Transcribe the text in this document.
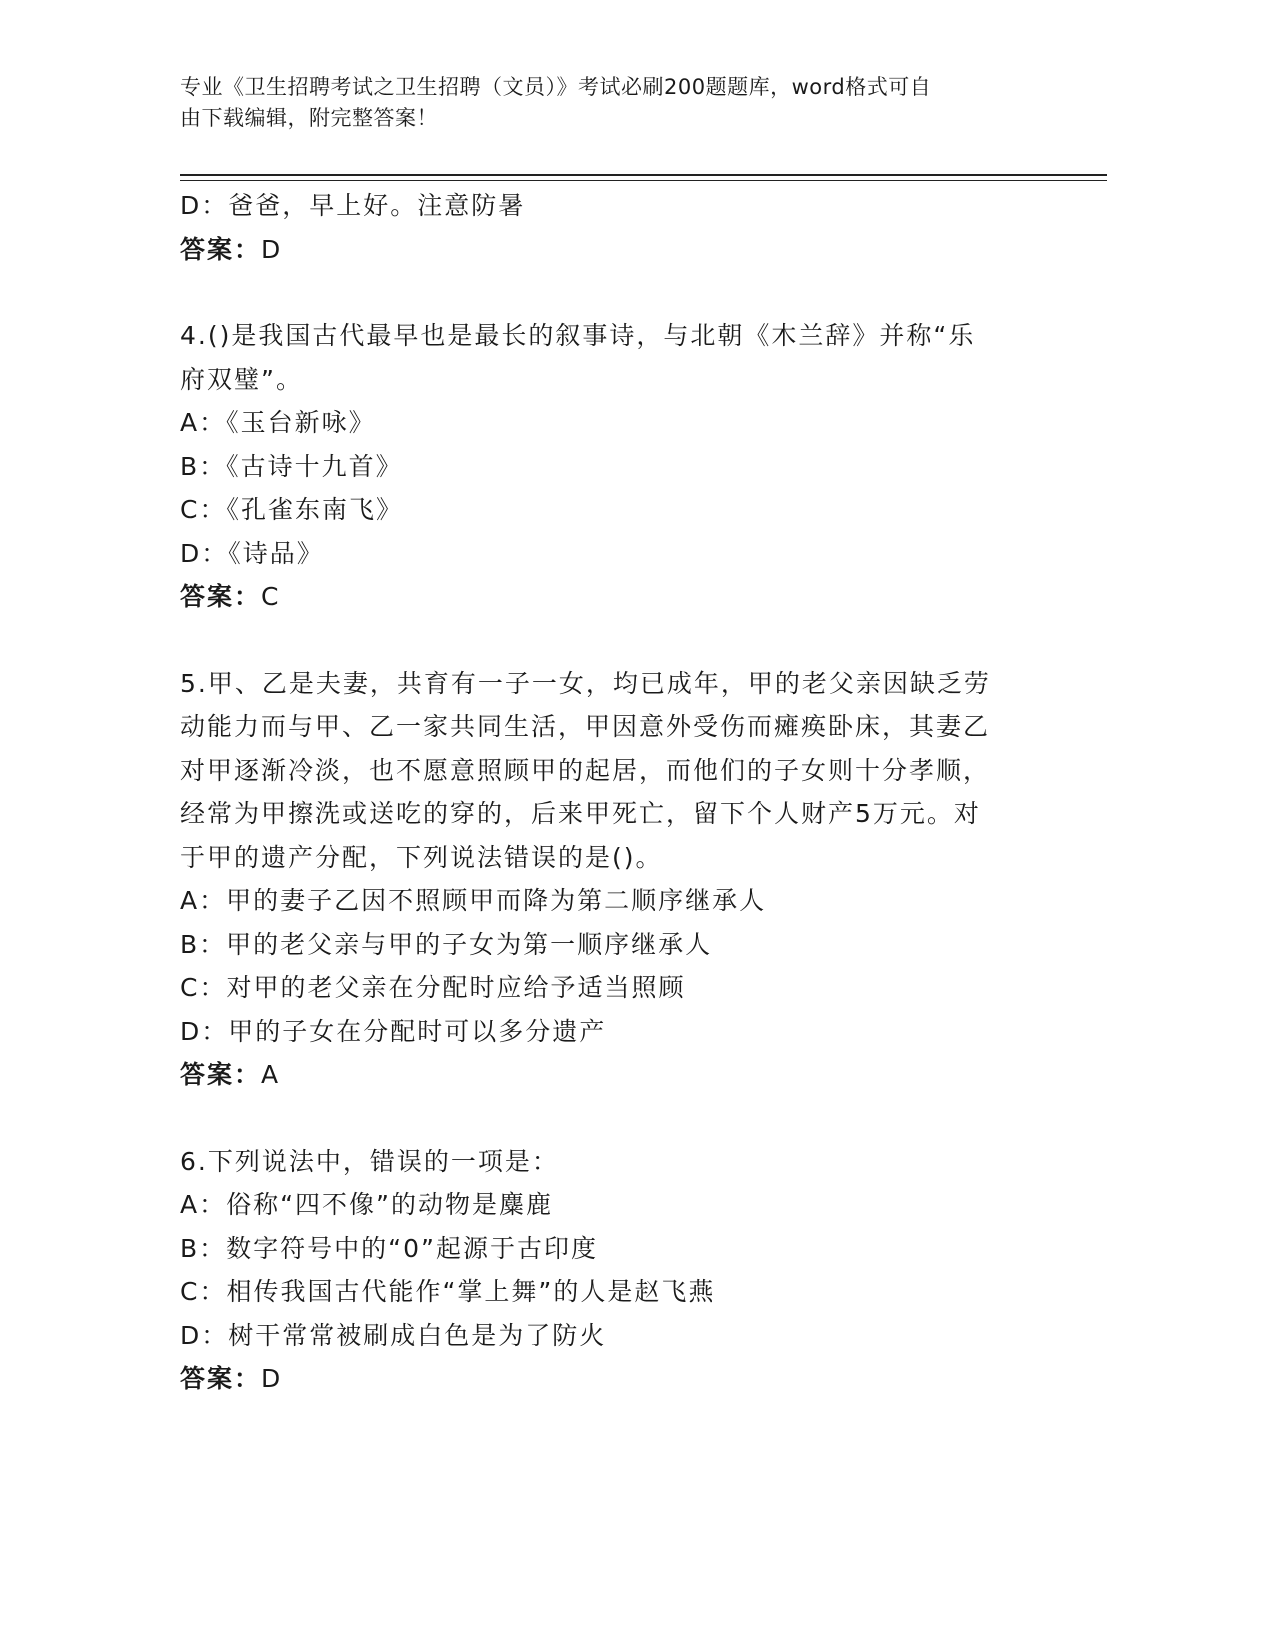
专业《卫生招聘考试之卫生招聘（文员）》考试必刷200题题库，word格式可自
由下载编辑，附完整答案！
D：爸爸，早上好。注意防暑
答案：D
4.()是我国古代最早也是最长的叙事诗，与北朝《木兰辞》并称“乐
府双璧”。
A：《玉台新咏》
B：《古诗十九首》
C：《孔雀东南飞》
D：《诗品》
答案：C
5.甲、乙是夫妻，共育有一子一女，均已成年，甲的老父亲因缺乏劳
动能力而与甲、乙一家共同生活，甲因意外受伤而瘫痪卧床，其妻乙
对甲逐渐冷淡，也不愿意照顾甲的起居，而他们的子女则十分孝顺，
经常为甲擦洗或送吃的穿的，后来甲死亡，留下个人财产5万元。对
于甲的遗产分配，下列说法错误的是()。
A：甲的妻子乙因不照顾甲而降为第二顺序继承人
B：甲的老父亲与甲的子女为第一顺序继承人
C：对甲的老父亲在分配时应给予适当照顾
D：甲的子女在分配时可以多分遗产
答案：A
6.下列说法中，错误的一项是：
A：俗称“四不像”的动物是麋鹿
B：数字符号中的“0”起源于古印度
C：相传我国古代能作“掌上舞”的人是赵飞燕
D：树干常常被刷成白色是为了防火
答案：D
